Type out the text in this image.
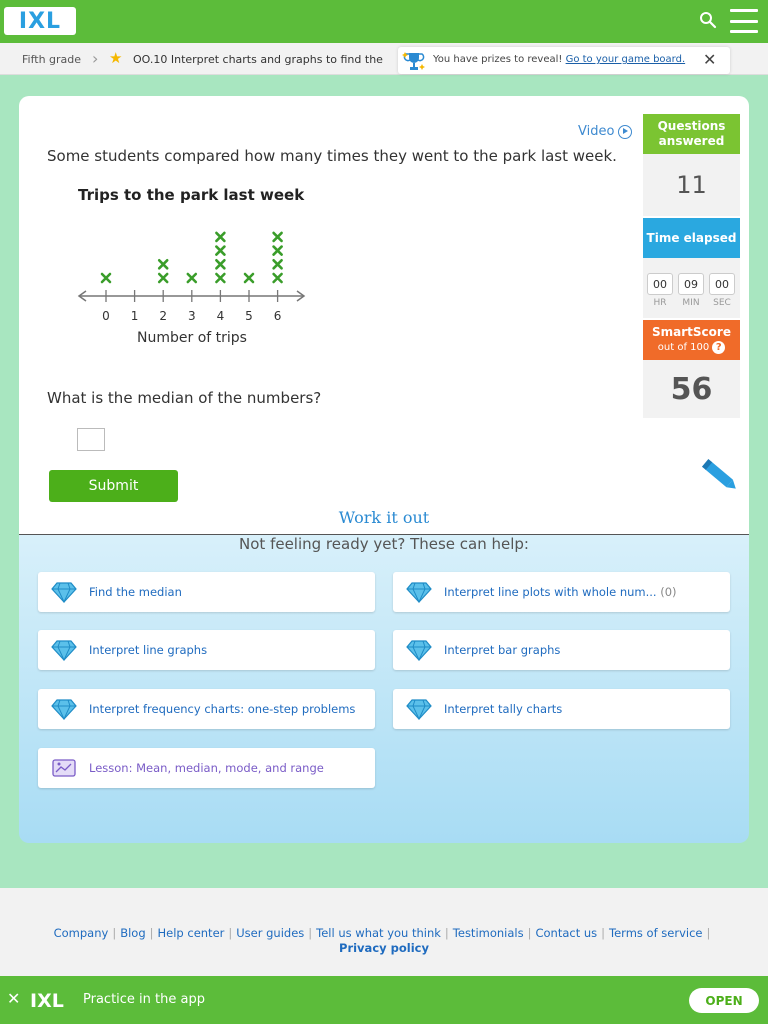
IXL
Fifth grade › ★ OO.10 Interpret charts and graphs to find the	You have prizes to reveal! Go to your game board. ✕
Video
Some students compared how many times they went to the park last week.
Trips to the park last week
0 1 2 3 4 5 6
Number of trips
What is the median of the numbers?
Submit
Questions answered
11
Time elapsed
00	09	00
HR	MIN	SEC
SmartScore
out of 100 ?
56
Work it out
Not feeling ready yet? These can help:
Find the median	Interpret line plots with whole num... (0)
Interpret line graphs	Interpret bar graphs
Interpret frequency charts: one-step problems	Interpret tally charts
Lesson: Mean, median, mode, and range
Company | Blog | Help center | User guides | Tell us what you think | Testimonials | Contact us | Terms of service |
Privacy policy
✕ IXL Practice in the app	OPEN
